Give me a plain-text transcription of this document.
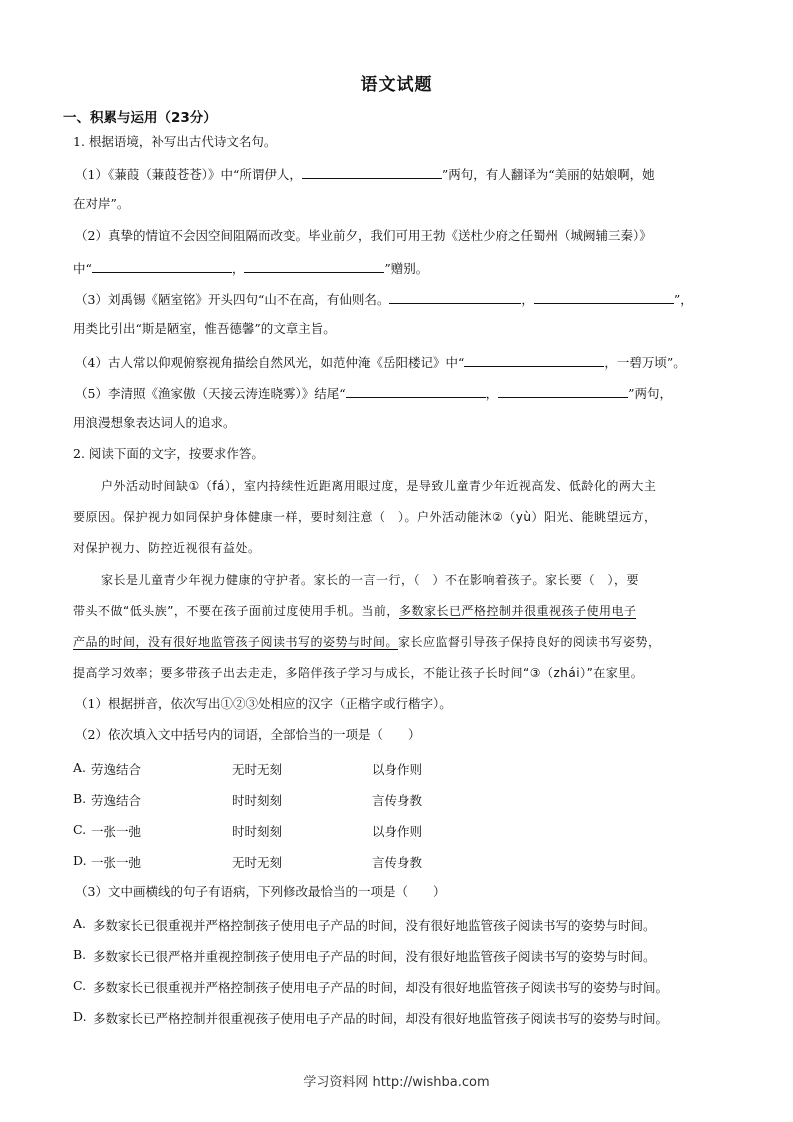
语文试题
一、积累与运用（23分）
1. 根据语境，补写出古代诗文名句。
（1）《蒹葭（蒹葭苍苍）》中“所谓伊人，	”两句，有人翻译为“美丽的姑娘啊，她
在对岸”。
（2）真挚的情谊不会因空间阻隔而改变。毕业前夕，我们可用王勃《送杜少府之任蜀州（城阙辅三秦）》
中“	，	”赠别。
（3）刘禹锡《陋室铭》开头四句“山不在高，有仙则名。	，	”，
用类比引出“斯是陋室，惟吾德馨”的文章主旨。
（4）古人常以仰观俯察视角描绘自然风光，如范仲淹《岳阳楼记》中“	，一碧万顷”。
（5）李清照《渔家傲（天接云涛连晓雾）》结尾“	，	”两句，
用浪漫想象表达词人的追求。
2. 阅读下面的文字，按要求作答。
户外活动时间缺①（fá），室内持续性近距离用眼过度，是导致儿童青少年近视高发、低龄化的两大主
要原因。保护视力如同保护身体健康一样，要时刻注意（　）。户外活动能沐②（yù）阳光、能眺望远方，
对保护视力、防控近视很有益处。
家长是儿童青少年视力健康的守护者。家长的一言一行，（　）不在影响着孩子。家长要（　），要
带头不做“低头族”，不要在孩子面前过度使用手机。当前，多数家长已严格控制并很重视孩子使用电子
产品的时间，没有很好地监管孩子阅读书写的姿势与时间。家长应监督引导孩子保持良好的阅读书写姿势，
提高学习效率；要多带孩子出去走走，多陪伴孩子学习与成长，不能让孩子长时间“③（zhái）”在家里。
（1）根据拼音，依次写出①②③处相应的汉字（正楷字或行楷字）。
（2）依次填入文中括号内的词语，全部恰当的一项是（　　）
A. 劳逸结合	无时无刻	以身作则
B. 劳逸结合	时时刻刻	言传身教
C. 一张一弛	时时刻刻	以身作则
D. 一张一弛	无时无刻	言传身教
（3）文中画横线的句子有语病，下列修改最恰当的一项是（　　）
A. 多数家长已很重视并严格控制孩子使用电子产品的时间，没有很好地监管孩子阅读书写的姿势与时间。
B. 多数家长已很严格并重视控制孩子使用电子产品的时间，没有很好地监管孩子阅读书写的姿势与时间。
C. 多数家长已很重视并严格控制孩子使用电子产品的时间，却没有很好地监管孩子阅读书写的姿势与时间。
D. 多数家长已严格控制并很重视孩子使用电子产品的时间，却没有很好地监管孩子阅读书写的姿势与时间。
学习资料网 http://wishba.com
